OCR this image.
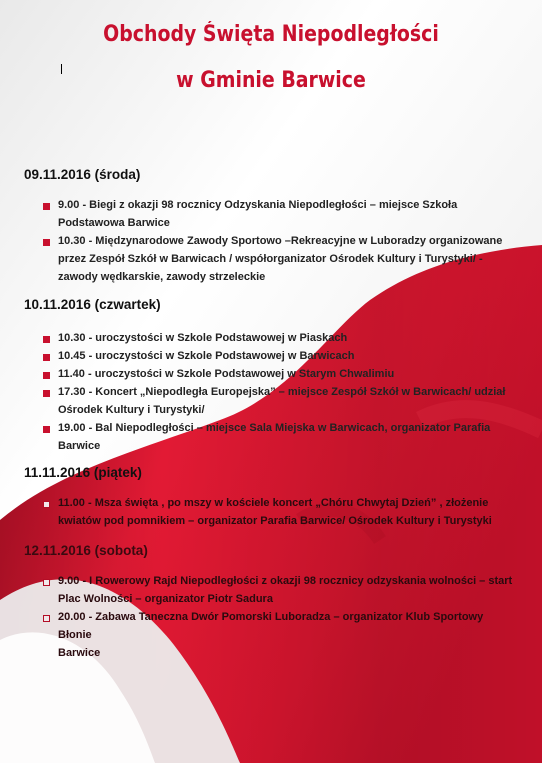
Obchody Święta Niepodległości
w Gminie Barwice
09.11.2016 (środa)
9.00 - Biegi z okazji 98 rocznicy Odzyskania Niepodległości – miejsce Szkoła
Podstawowa Barwice
10.30 - Międzynarodowe Zawody Sportowo –Rekreacyjne w Luboradzy organizowane
przez Zespół Szkół w Barwicach / współorganizator Ośrodek Kultury i Turystyki/ -
zawody wędkarskie, zawody strzeleckie
10.11.2016 (czwartek)
10.30 - uroczystości w Szkole Podstawowej w Piaskach
10.45 - uroczystości w Szkole Podstawowej w Barwicach
11.40 - uroczystości w Szkole Podstawowej w Starym Chwalimiu
17.30 - Koncert „Niepodległa Europejska” – miejsce Zespół Szkół w Barwicach/ udział
Ośrodek Kultury i Turystyki/
19.00 - Bal Niepodległości – miejsce Sala Miejska w Barwicach, organizator Parafia
Barwice
11.11.2016 (piątek)
11.00 - Msza święta , po mszy w kościele koncert „Chóru Chwytaj Dzień” , złożenie
kwiatów pod pomnikiem – organizator Parafia Barwice/ Ośrodek Kultury i Turystyki
12.11.2016 (sobota)
9.00 - I Rowerowy Rajd Niepodległości z okazji 98 rocznicy odzyskania wolności – start
Plac Wolności – organizator Piotr Sadura
20.00 - Zabawa Taneczna Dwór Pomorski Luboradza – organizator Klub Sportowy Błonie
Barwice
